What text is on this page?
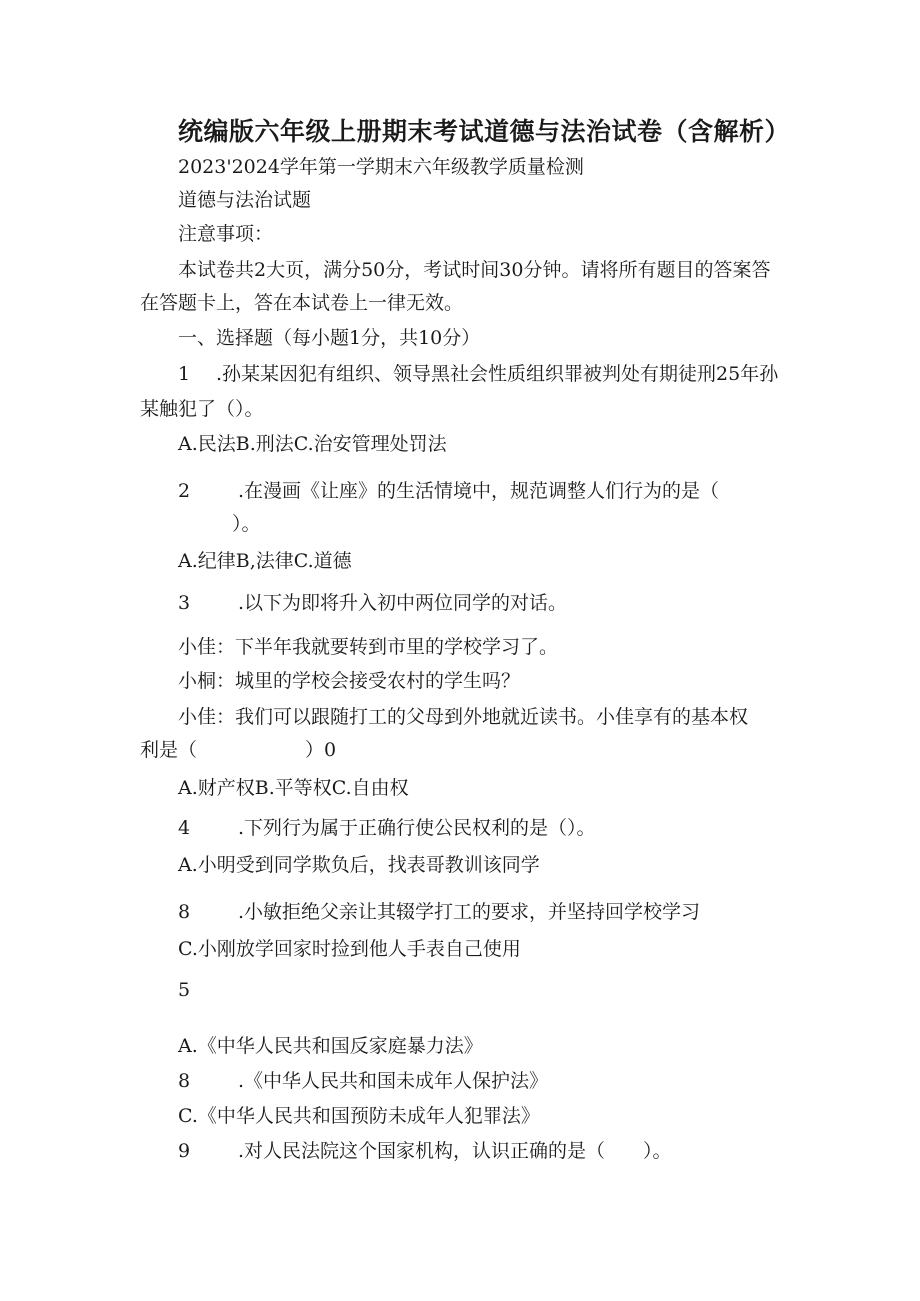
统编版六年级上册期末考试道德与法治试卷（含解析）
2023'2024学年第一学期末六年级教学质量检测
道德与法治试题
注意事项：
本试卷共2大页，满分50分，考试时间30分钟。请将所有题目的答案答
在答题卡上，答在本试卷上一律无效。
一、选择题（每小题1分，共10分）
1 .孙某某因犯有组织、领导黑社会性质组织罪被判处有期徒刑25年孙
某触犯了（）。
A.民法B.刑法C.治安管理处罚法
2	.在漫画《让座》的生活情境中，规范调整人们行为的是（
）。
A.纪律B,法律C.道德
3	.以下为即将升入初中两位同学的对话。
小佳：下半年我就要转到市里的学校学习了。
小桐：城里的学校会接受农村的学生吗？
小佳：我们可以跟随打工的父母到外地就近读书。小佳享有的基本权
利是（	）0
A.财产权B.平等权C.自由权
4	.下列行为属于正确行使公民权利的是（）。
A.小明受到同学欺负后，找表哥教训该同学
8	.小敏拒绝父亲让其辍学打工的要求，并坚持回学校学习
C.小刚放学回家时捡到他人手表自己使用
5
A.《中华人民共和国反家庭暴力法》
8	.《中华人民共和国未成年人保护法》
C.《中华人民共和国预防未成年人犯罪法》
9	.对人民法院这个国家机构，认识正确的是（　　）。
